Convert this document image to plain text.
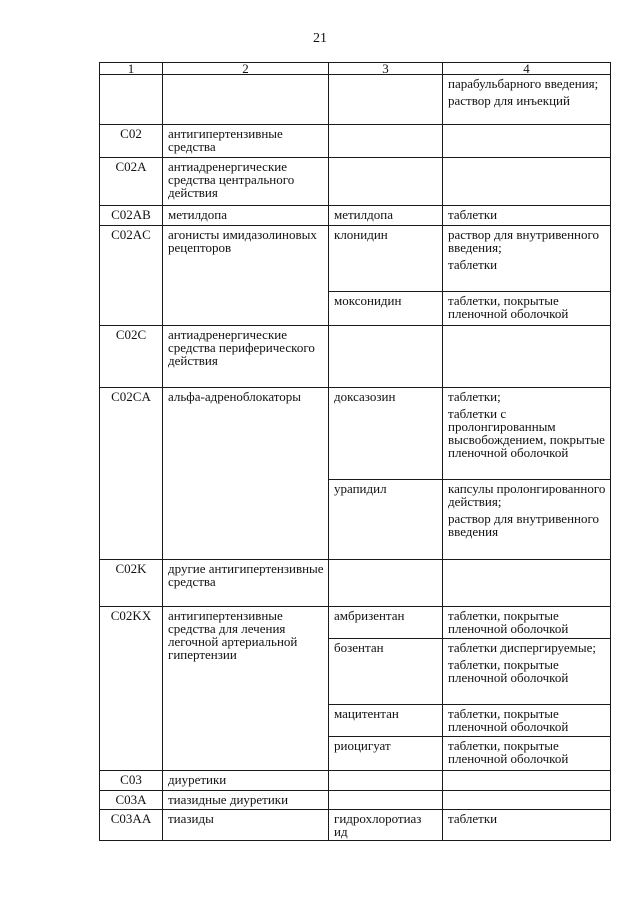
21
1	2	3	4

			парабульбарного введения;
раствор для инъекций

C02	антигипертензивные средства		
C02A	антиадренергические средства центрального действия		
C02AB	метилдопа	метилдопа	таблетки

C02AC	агонисты имидазолиновых рецепторов	клонидин	раствор для внутривенного введения;
таблетки

		моксонидин	таблетки, покрытые пленочной оболочкой

C02C	антиадренергические средства периферического действия		
C02CA	альфа-адреноблокаторы	доксазозин	таблетки;
таблетки с пролонгированным высвобождением, покрытые пленочной оболочкой

		урапидил	капсулы пролонгированного действия;
раствор для внутривенного введения

C02K	другие антигипертензивные средства		
C02KX	антигипертензивные средства для лечения легочной артериальной гипертензии	амбризентан	таблетки, покрытые пленочной оболочкой

		бозентан	таблетки диспергируемые;
таблетки, покрытые пленочной оболочкой

		мацитентан	таблетки, покрытые пленочной оболочкой

		риоцигуат	таблетки, покрытые пленочной оболочкой

C03	диуретики		
C03A	тиазидные диуретики		
C03AA	тиазиды	гидрохлоротиаз ид	таблетки
